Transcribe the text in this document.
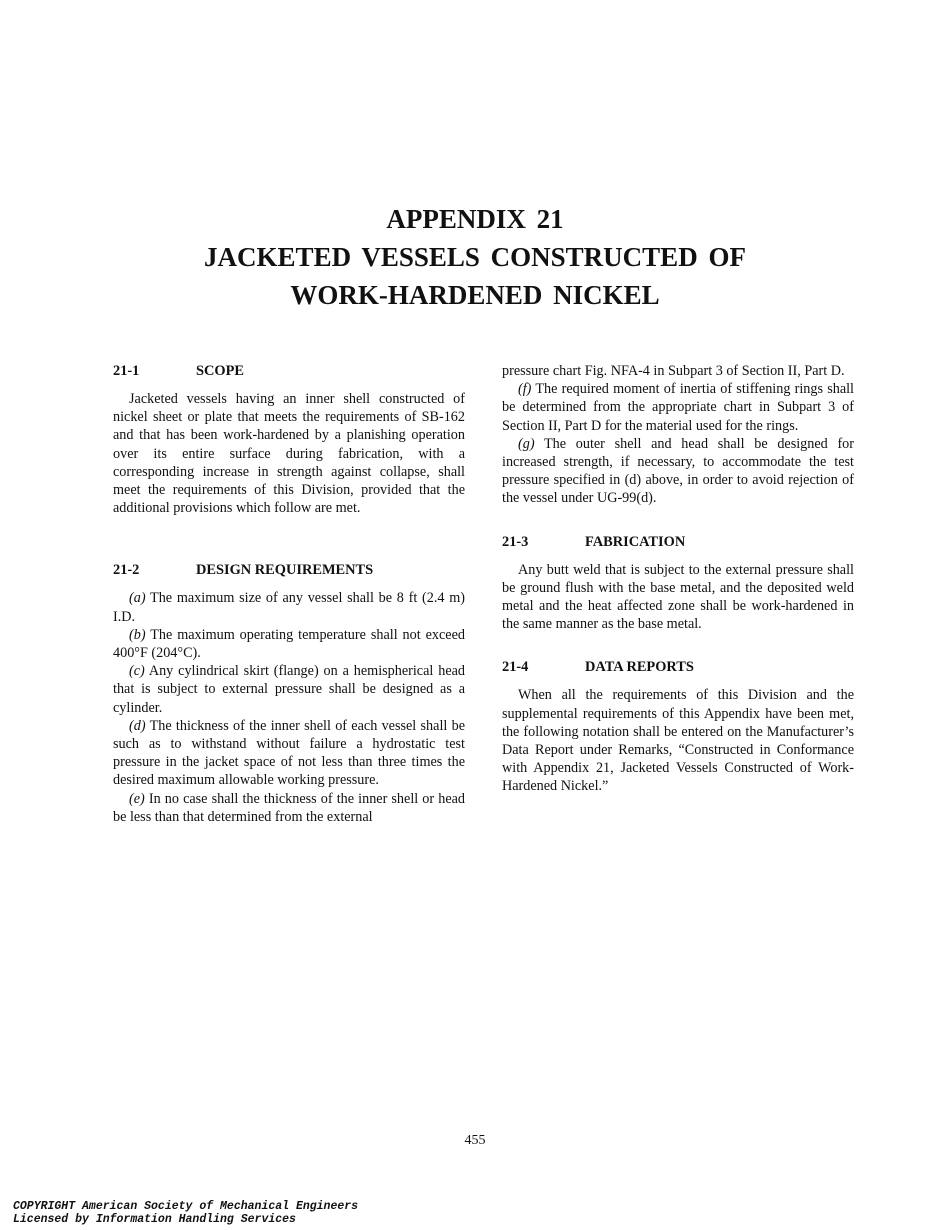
APPENDIX 21
JACKETED VESSELS CONSTRUCTED OF
WORK-HARDENED NICKEL
21-1	SCOPE

Jacketed vessels having an inner shell constructed of nickel sheet or plate that meets the requirements of SB-162 and that has been work-hardened by a planishing operation over its entire surface during fabrication, with a corresponding increase in strength against collapse, shall meet the requirements of this Division, provided that the additional provisions which follow are met.

21-2	DESIGN REQUIREMENTS

(a) The maximum size of any vessel shall be 8 ft (2.4 m) I.D.

(b) The maximum operating temperature shall not exceed 400°F (204°C).

(c) Any cylindrical skirt (flange) on a hemispherical head that is subject to external pressure shall be designed as a cylinder.

(d) The thickness of the inner shell of each vessel shall be such as to withstand without failure a hydrostatic test pressure in the jacket space of not less than three times the desired maximum allowable working pressure.

(e) In no case shall the thickness of the inner shell or head be less than that determined from the external

pressure chart Fig. NFA-4 in Subpart 3 of Section II, Part D.

(f) The required moment of inertia of stiffening rings shall be determined from the appropriate chart in Subpart 3 of Section II, Part D for the material used for the rings.

(g) The outer shell and head shall be designed for increased strength, if necessary, to accommodate the test pressure specified in (d) above, in order to avoid rejection of the vessel under UG-99(d).

21-3	FABRICATION

Any butt weld that is subject to the external pressure shall be ground flush with the base metal, and the deposited weld metal and the heat affected zone shall be work-hardened in the same manner as the base metal.

21-4	DATA REPORTS

When all the requirements of this Division and the supplemental requirements of this Appendix have been met, the following notation shall be entered on the Manufacturer’s Data Report under Remarks, “Constructed in Conformance with Appendix 21, Jacketed Vessels Constructed of Work-Hardened Nickel.”

455
COPYRIGHT American Society of Mechanical Engineers
Licensed by Information Handling Services
